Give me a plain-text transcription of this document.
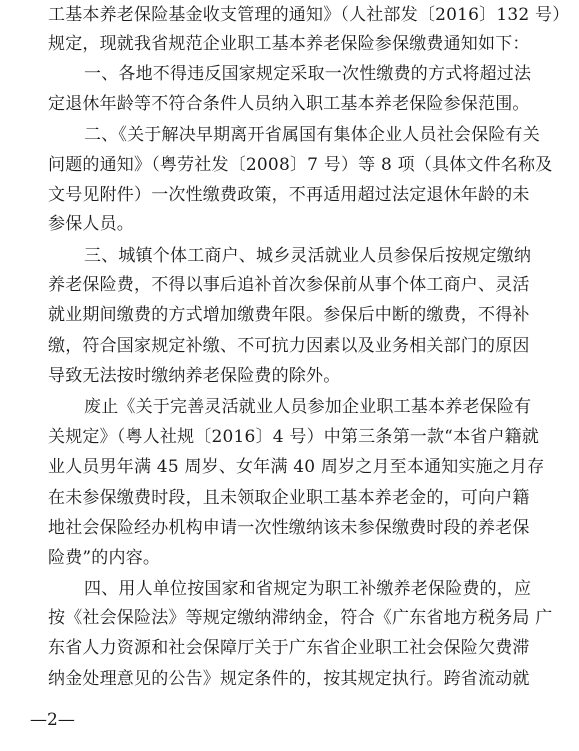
工基本养老保险基金收支管理的通知》（人社部发〔2016〕132 号）
规定，现就我省规范企业职工基本养老保险参保缴费通知如下：
一、各地不得违反国家规定采取一次性缴费的方式将超过法
定退休年龄等不符合条件人员纳入职工基本养老保险参保范围。
二、《关于解决早期离开省属国有集体企业人员社会保险有关
问题的通知》（粤劳社发〔2008〕7 号）等 8 项（具体文件名称及
文号见附件）一次性缴费政策，不再适用超过法定退休年龄的未
参保人员。
三、城镇个体工商户、城乡灵活就业人员参保后按规定缴纳
养老保险费，不得以事后追补首次参保前从事个体工商户、灵活
就业期间缴费的方式增加缴费年限。参保后中断的缴费，不得补
缴，符合国家规定补缴、不可抗力因素以及业务相关部门的原因
导致无法按时缴纳养老保险费的除外。
废止《关于完善灵活就业人员参加企业职工基本养老保险有
关规定》（粤人社规〔2016〕4 号）中第三条第一款“本省户籍就
业人员男年满 45 周岁、女年满 40 周岁之月至本通知实施之月存
在未参保缴费时段，且未领取企业职工基本养老金的，可向户籍
地社会保险经办机构申请一次性缴纳该未参保缴费时段的养老保
险费”的内容。
四、用人单位按国家和省规定为职工补缴养老保险费的，应
按《社会保险法》等规定缴纳滞纳金，符合《广东省地方税务局 广
东省人力资源和社会保障厅关于广东省企业职工社会保险欠费滞
纳金处理意见的公告》规定条件的，按其规定执行。跨省流动就
—2—
